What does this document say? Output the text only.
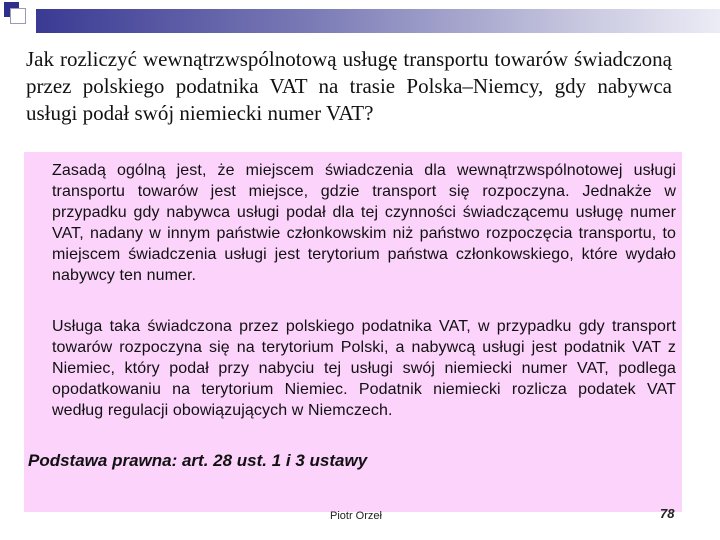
Jak rozliczyć wewnątrzwspólnotową usługę transportu towarów świadczoną przez polskiego podatnika VAT na trasie Polska–Niemcy, gdy nabywca usługi podał swój niemiecki numer VAT?

Zasadą ogólną jest, że miejscem świadczenia dla wewnątrzwspólnotowej usługi transportu towarów jest miejsce, gdzie transport się rozpoczyna. Jednakże w przypadku gdy nabywca usługi podał dla tej czynności świadczącemu usługę numer VAT, nadany w innym państwie członkowskim niż państwo rozpoczęcia transportu, to miejscem świadczenia usługi jest terytorium państwa członkowskiego, które wydało nabywcy ten numer.

Usługa taka świadczona przez polskiego podatnika VAT, w przypadku gdy transport towarów rozpoczyna się na terytorium Polski, a nabywcą usługi jest podatnik VAT z Niemiec, który podał przy nabyciu tej usługi swój niemiecki numer VAT, podlega opodatkowaniu na terytorium Niemiec. Podatnik niemiecki rozlicza podatek VAT według regulacji obowiązujących w Niemczech.

Podstawa prawna: art. 28 ust. 1 i 3 ustawy

Piotr Orzeł	78
